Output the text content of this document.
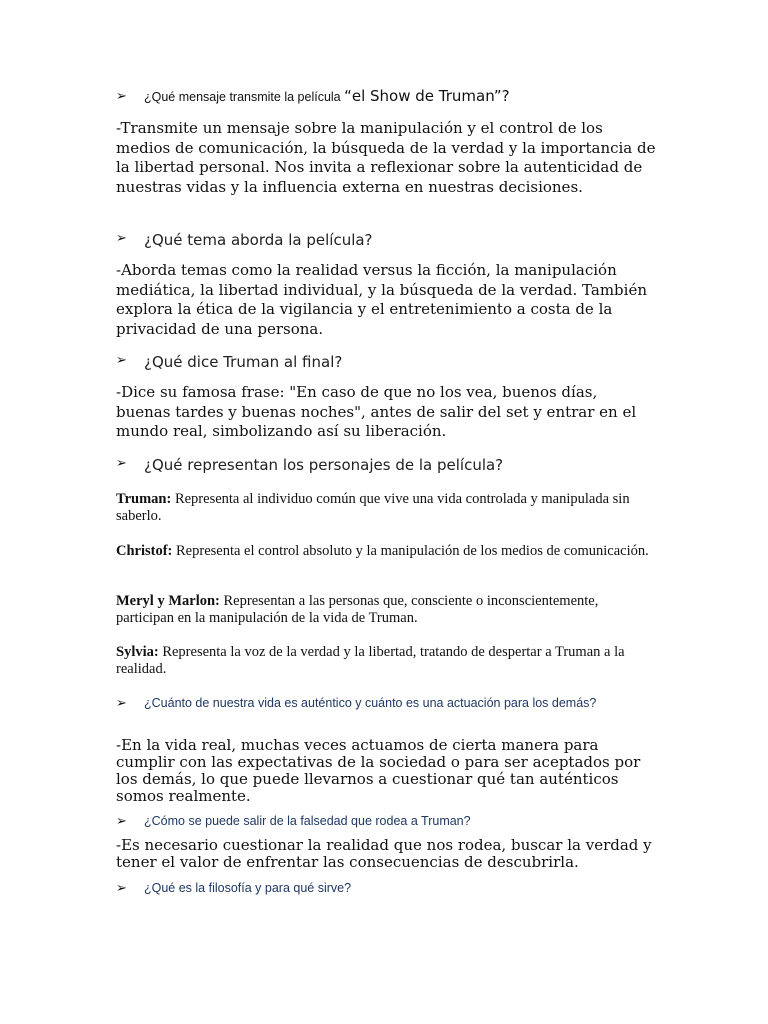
➢	¿Qué mensaje transmite la película “el Show de Truman”?
-Transmite un mensaje sobre la manipulación y el control de los medios de comunicación, la búsqueda de la verdad y la importancia de la libertad personal. Nos invita a reflexionar sobre la autenticidad de nuestras vidas y la influencia externa en nuestras decisiones.
➢	¿Qué tema aborda la película?
-Aborda temas como la realidad versus la ficción, la manipulación mediática, la libertad individual, y la búsqueda de la verdad. También explora la ética de la vigilancia y el entretenimiento a costa de la privacidad de una persona.
➢	¿Qué dice Truman al final?
-Dice su famosa frase: "En caso de que no los vea, buenos días, buenas tardes y buenas noches", antes de salir del set y entrar en el mundo real, simbolizando así su liberación.
➢	¿Qué representan los personajes de la película?
Truman: Representa al individuo común que vive una vida controlada y manipulada sin saberlo.
Christof: Representa el control absoluto y la manipulación de los medios de comunicación.
Meryl y Marlon: Representan a las personas que, consciente o inconscientemente, participan en la manipulación de la vida de Truman.
Sylvia: Representa la voz de la verdad y la libertad, tratando de despertar a Truman a la realidad.
➢	¿Cuánto de nuestra vida es auténtico y cuánto es una actuación para los demás?
-En la vida real, muchas veces actuamos de cierta manera para cumplir con las expectativas de la sociedad o para ser aceptados por los demás, lo que puede llevarnos a cuestionar qué tan auténticos somos realmente.
➢	¿Cómo se puede salir de la falsedad que rodea a Truman?
-Es necesario cuestionar la realidad que nos rodea, buscar la verdad y tener el valor de enfrentar las consecuencias de descubrirla.
➢	¿Qué es la filosofía y para qué sirve?
